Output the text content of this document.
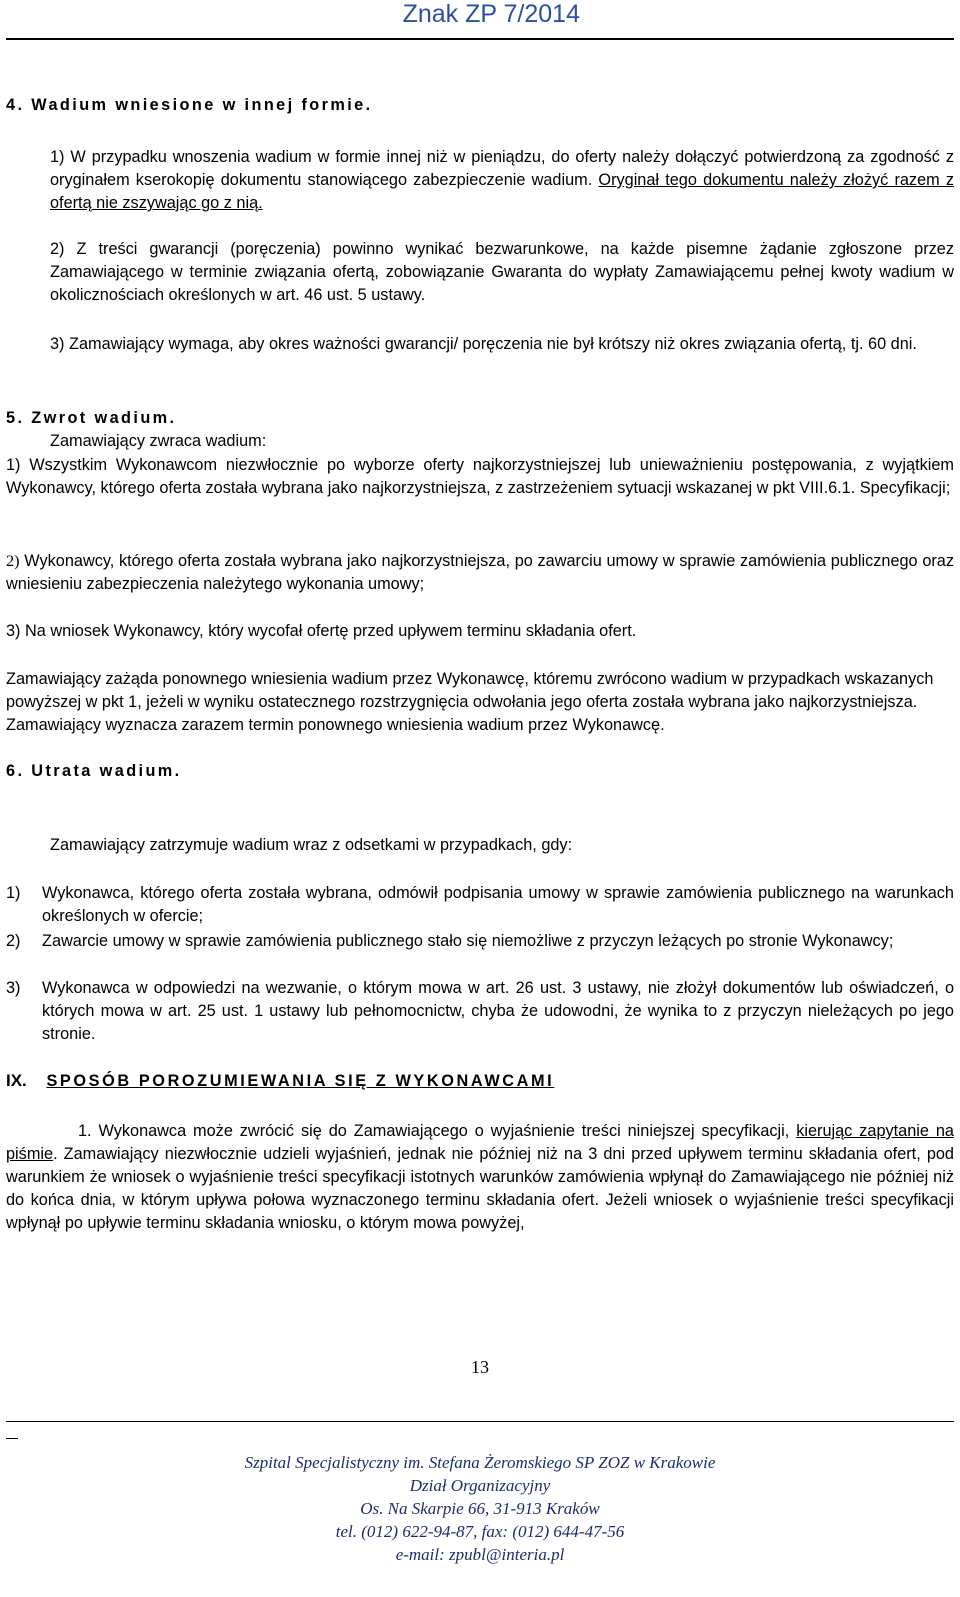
Znak ZP 7/2014
4. Wadium wniesione w innej formie.
1) W przypadku wnoszenia wadium w formie innej niż w pieniądzu, do oferty należy dołączyć potwierdzoną za zgodność z oryginałem kserokopię dokumentu stanowiącego zabezpieczenie wadium. Oryginał tego dokumentu należy złożyć razem z ofertą nie zszywając go z nią.
2) Z treści gwarancji (poręczenia) powinno wynikać bezwarunkowe, na każde pisemne żądanie zgłoszone przez Zamawiającego w terminie związania ofertą, zobowiązanie Gwaranta do wypłaty Zamawiającemu pełnej kwoty wadium w okolicznościach określonych w art. 46 ust. 5 ustawy.
3) Zamawiający wymaga, aby okres ważności gwarancji/ poręczenia nie był krótszy niż okres związania ofertą, tj. 60 dni.
5. Zwrot wadium.
Zamawiający zwraca wadium:
1) Wszystkim Wykonawcom niezwłocznie po wyborze oferty najkorzystniejszej lub unieważnieniu postępowania, z wyjątkiem Wykonawcy, którego oferta została wybrana jako najkorzystniejsza, z zastrzeżeniem sytuacji wskazanej w pkt VIII.6.1. Specyfikacji;
2) Wykonawcy, którego oferta została wybrana jako najkorzystniejsza, po zawarciu umowy w sprawie zamówienia publicznego oraz wniesieniu zabezpieczenia należytego wykonania umowy;
3) Na wniosek Wykonawcy, który wycofał ofertę przed upływem terminu składania ofert.
Zamawiający zażąda ponownego wniesienia wadium przez Wykonawcę, któremu zwrócono wadium w przypadkach wskazanych powyższej w pkt 1, jeżeli w wyniku ostatecznego rozstrzygnięcia odwołania jego oferta została wybrana jako najkorzystniejsza. Zamawiający wyznacza zarazem termin ponownego wniesienia wadium przez Wykonawcę.
6. Utrata wadium.
Zamawiający zatrzymuje wadium wraz z odsetkami w przypadkach, gdy:
1)	Wykonawca, którego oferta została wybrana, odmówił podpisania umowy w sprawie zamówienia publicznego na warunkach określonych w ofercie;
2)	Zawarcie umowy w sprawie zamówienia publicznego stało się niemożliwe z przyczyn leżących po stronie Wykonawcy;
3)	Wykonawca w odpowiedzi na wezwanie, o którym mowa w art. 26 ust. 3 ustawy, nie złożył dokumentów lub oświadczeń, o których mowa w art. 25 ust. 1 ustawy lub pełnomocnictw, chyba że udowodni, że wynika to z przyczyn nieleżących po jego stronie.
IX. SPOSÓB POROZUMIEWANIA SIĘ Z WYKONAWCAMI
1. Wykonawca może zwrócić się do Zamawiającego o wyjaśnienie treści niniejszej specyfikacji, kierując zapytanie na piśmie. Zamawiający niezwłocznie udzieli wyjaśnień, jednak nie później niż na 3 dni przed upływem terminu składania ofert, pod warunkiem że wniosek o wyjaśnienie treści specyfikacji istotnych warunków zamówienia wpłynął do Zamawiającego nie później niż do końca dnia, w którym upływa połowa wyznaczonego terminu składania ofert. Jeżeli wniosek o wyjaśnienie treści specyfikacji wpłynął po upływie terminu składania wniosku, o którym mowa powyżej,
13
Szpital Specjalistyczny im. Stefana Żeromskiego SP ZOZ w Krakowie
Dział Organizacyjny
Os. Na Skarpie 66, 31-913 Kraków
tel. (012) 622-94-87, fax: (012) 644-47-56
e-mail: zpubl@interia.pl
